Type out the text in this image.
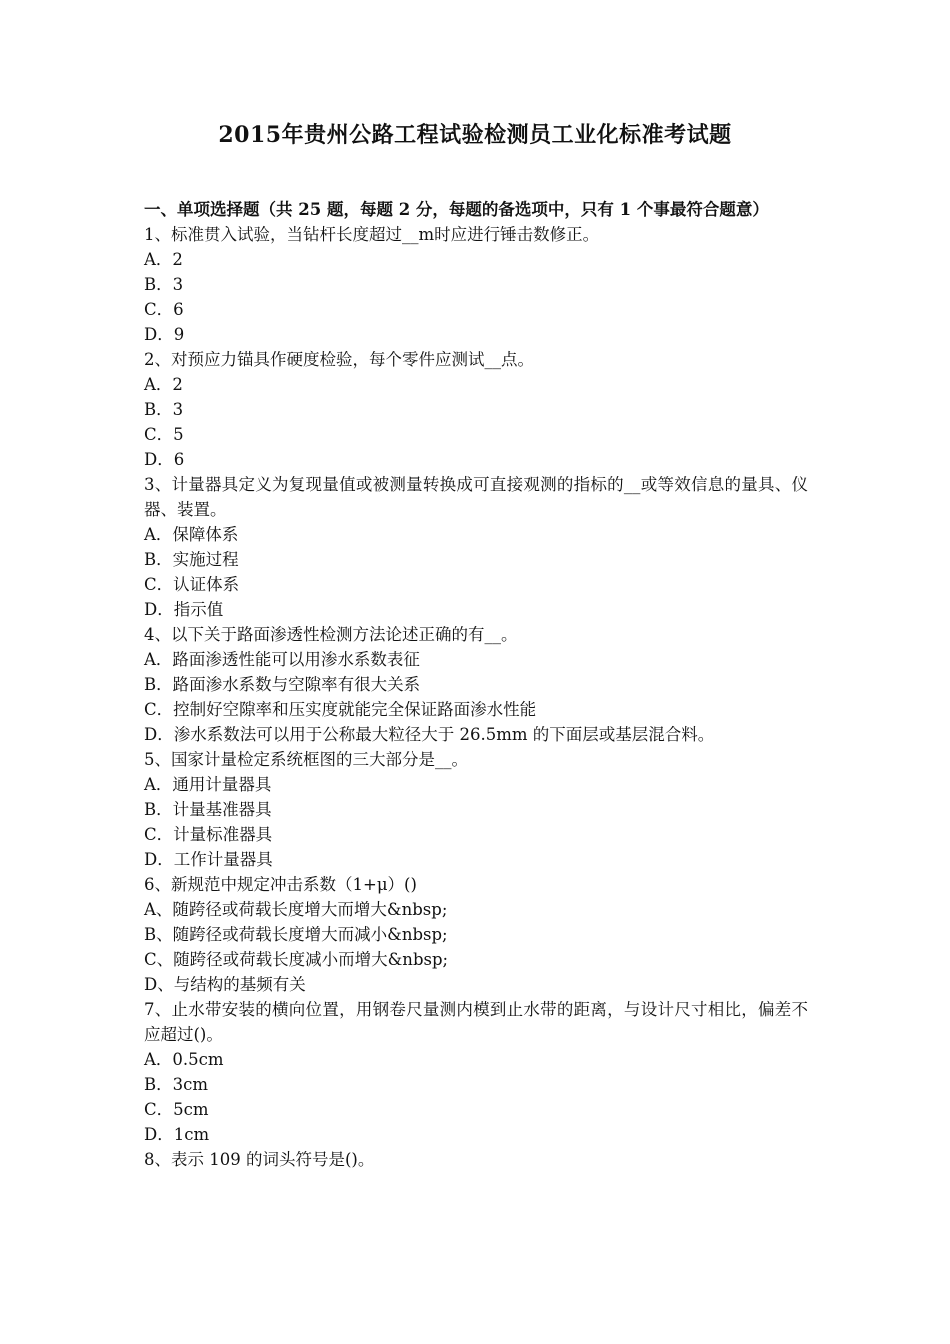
2015年贵州公路工程试验检测员工业化标准考试题
一、单项选择题（共 25 题，每题 2 分，每题的备选项中，只有 1 个事最符合题意）
1、标准贯入试验，当钻杆长度超过__m时应进行锤击数修正。
A．2
B．3
C．6
D．9
2、对预应力锚具作硬度检验，每个零件应测试__点。
A．2
B．3
C．5
D．6
3、计量器具定义为复现量值或被测量转换成可直接观测的指标的__或等效信息的量具、仪器、装置。
A．保障体系
B．实施过程
C．认证体系
D．指示值
4、以下关于路面渗透性检测方法论述正确的有__。
A．路面渗透性能可以用渗水系数表征
B．路面渗水系数与空隙率有很大关系
C．控制好空隙率和压实度就能完全保证路面渗水性能
D．渗水系数法可以用于公称最大粒径大于 26.5mm 的下面层或基层混合料。
5、国家计量检定系统框图的三大部分是__。
A．通用计量器具
B．计量基准器具
C．计量标准器具
D．工作计量器具
6、新规范中规定冲击系数（1+μ）()
A、随跨径或荷载长度增大而增大&nbsp;
B、随跨径或荷载长度增大而减小&nbsp;
C、随跨径或荷载长度减小而增大&nbsp;
D、与结构的基频有关
7、止水带安装的横向位置，用钢卷尺量测内模到止水带的距离，与设计尺寸相比，偏差不应超过()。
A．0.5cm
B．3cm
C．5cm
D．1cm
8、表示 109 的词头符号是()。
